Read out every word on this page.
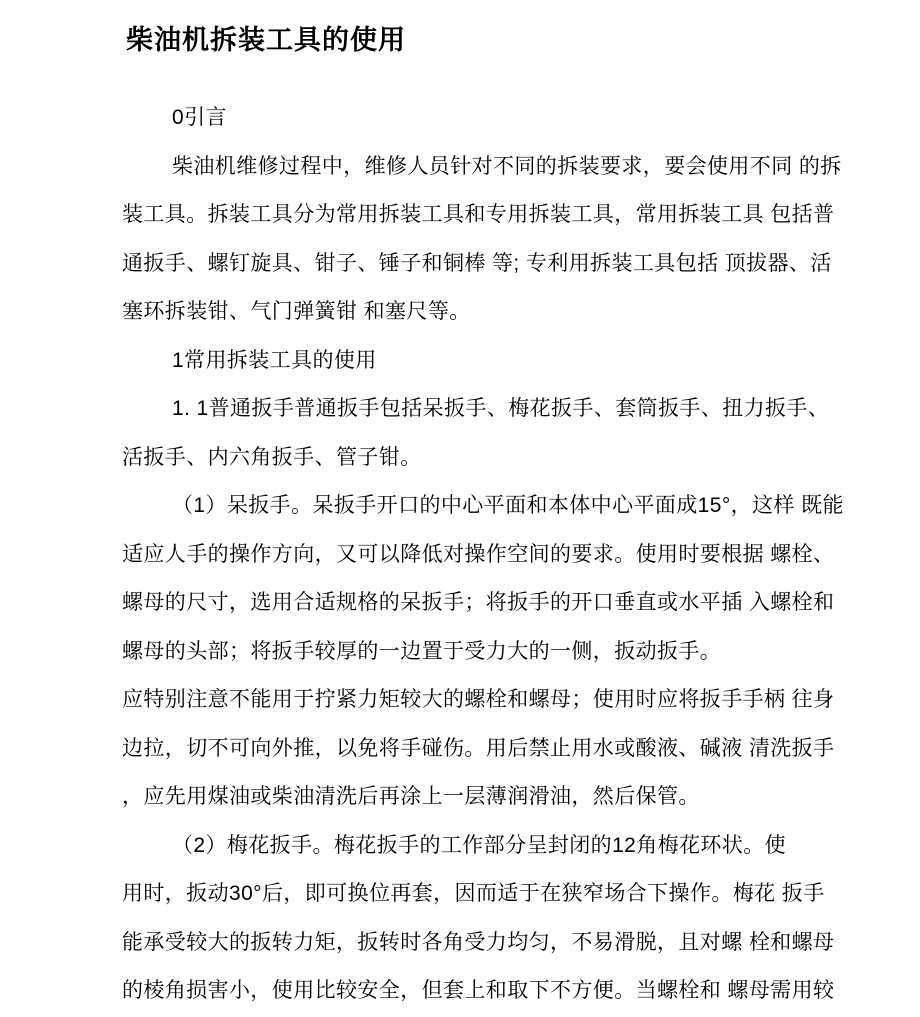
柴油机拆装工具的使用
0引言
柴油机维修过程中，维修人员针对不同的拆装要求，要会使用不同 的拆
装工具。拆装工具分为常用拆装工具和专用拆装工具，常用拆装工具 包括普
通扳手、螺钉旋具、钳子、锤子和铜棒 等; 专利用拆装工具包括 顶拔器、活
塞环拆装钳、气门弹簧钳 和塞尺等。
1常用拆装工具的使用
1. 1普通扳手普通扳手包括呆扳手、梅花扳手、套筒扳手、扭力扳手、
活扳手、内六角扳手、管子钳。
（1）呆扳手。呆扳手开口的中心平面和本体中心平面成15°，这样 既能
适应人手的操作方向，又可以降低对操作空间的要求。使用时要根据 螺栓、
螺母的尺寸，选用合适规格的呆扳手；将扳手的开口垂直或水平插 入螺栓和
螺母的头部；将扳手较厚的一边置于受力大的一侧，扳动扳手。
应特别注意不能用于拧紧力矩较大的螺栓和螺母；使用时应将扳手手柄 往身
边拉，切不可向外推，以免将手碰伤。用后禁止用水或酸液、碱液 清洗扳手
，应先用煤油或柴油清洗后再涂上一层薄润滑油，然后保管。
（2）梅花扳手。梅花扳手的工作部分呈封闭的12角梅花环状。使
用时，扳动30°后，即可换位再套，因而适于在狭窄场合下操作。梅花 扳手
能承受较大的扳转力矩，扳转时各角受力均匀，不易滑脱，且对螺 栓和螺母
的棱角损害小，使用比较安全，但套上和取下不方便。当螺栓和 螺母需用较
